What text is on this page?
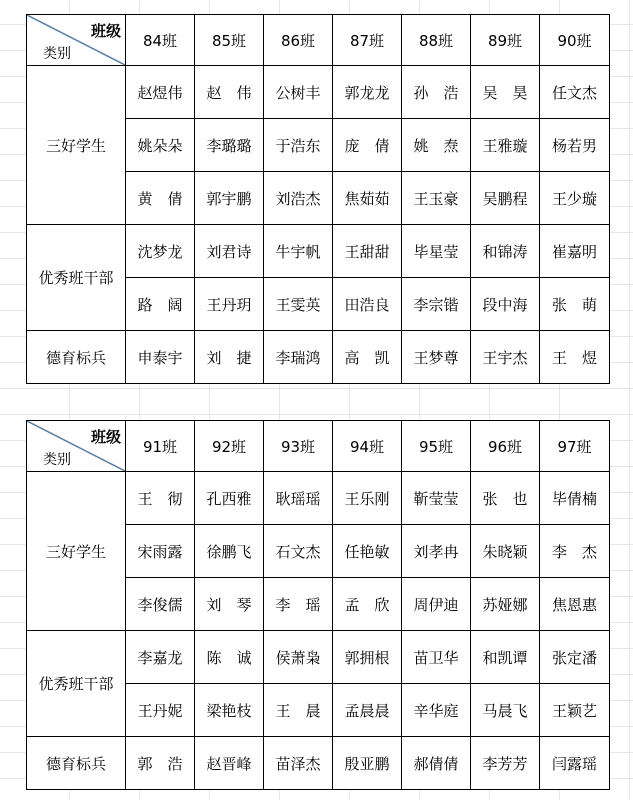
班级
类别	84班	85班	86班	87班	88班	89班	90班
三好学生	赵煜伟	赵　伟	公树丰	郭龙龙	孙　浩	吴　昊	任文杰
	姚朵朵	李璐璐	于浩东	庞　倩	姚　焘	王雅璇	杨若男
	黄　倩	郭宇鹏	刘浩杰	焦茹茹	王玉豪	吴鹏程	王少璇
优秀班干部	沈梦龙	刘君诗	牛宇帆	王甜甜	毕星莹	和锦涛	崔嘉明
	路　阔	王丹玥	王雯英	田浩良	李宗锴	段中海	张　萌
德育标兵	申泰宇	刘　捷	李瑞鸿	高　凯	王梦尊	王宇杰	王　煜
班级
类别	91班	92班	93班	94班	95班	96班	97班
三好学生	王　彻	孔西雅	耿瑶瑶	王乐刚	靳莹莹	张　也	毕倩楠
	宋雨露	徐鹏飞	石文杰	任艳敏	刘孝冉	朱晓颖	李　杰
	李俊儒	刘　琴	李　瑶	孟　欣	周伊迪	苏娅娜	焦恩惠
优秀班干部	李嘉龙	陈　诚	侯萧枭	郭拥根	苗卫华	和凯谭	张定潘
	王丹妮	梁艳枝	王　晨	孟晨晨	辛华庭	马晨飞	王颖艺
德育标兵	郭　浩	赵晋峰	苗泽杰	殷亚鹏	郝倩倩	李芳芳	闫露瑶
